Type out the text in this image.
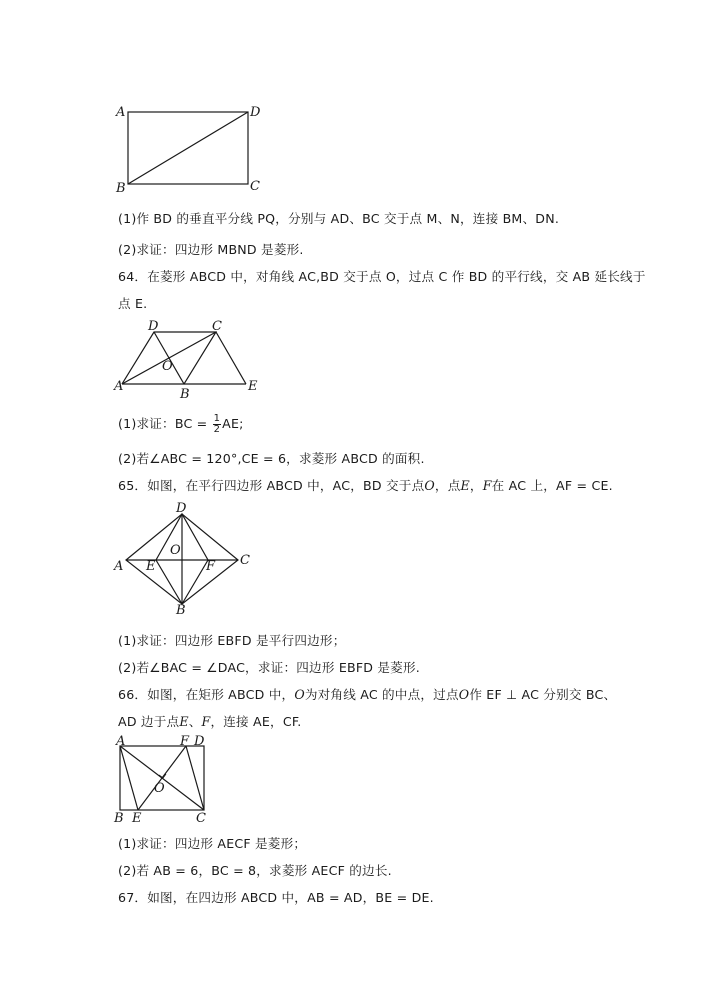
A	D
B	C
(1)作 BD 的垂直平分线 PQ，分别与 AD、BC 交于点 M、N，连接 BM、DN.
(2)求证：四边形 MBND 是菱形.
64．在菱形 ABCD 中，对角线 AC,BD 交于点 O，过点 C 作 BD 的平行线，交 AB 延长线于
点 E.
D	C
A
O
B
E
(1)求证：BC = $\frac{1}{2}$ AE;
(2)若∠ABC = 120°,CE = 6，求菱形 ABCD 的面积.
65．如图，在平行四边形 ABCD 中，AC，BD 交于点O，点E，F在 AC 上，AF = CE.
D
O
A E	F C
B
(1)求证：四边形 EBFD 是平行四边形；
(2)若∠BAC = ∠DAC，求证：四边形 EBFD 是菱形.
66．如图，在矩形 ABCD 中，O为对角线 AC 的中点，过点O作 EF ⊥ AC 分别交 BC、
AD 边于点E、F，连接 AE，CF.
A	F D
O
B E	C
(1)求证：四边形 AECF 是菱形；
(2)若 AB = 6，BC = 8，求菱形 AECF 的边长.
67．如图，在四边形 ABCD 中，AB = AD，BE = DE.
